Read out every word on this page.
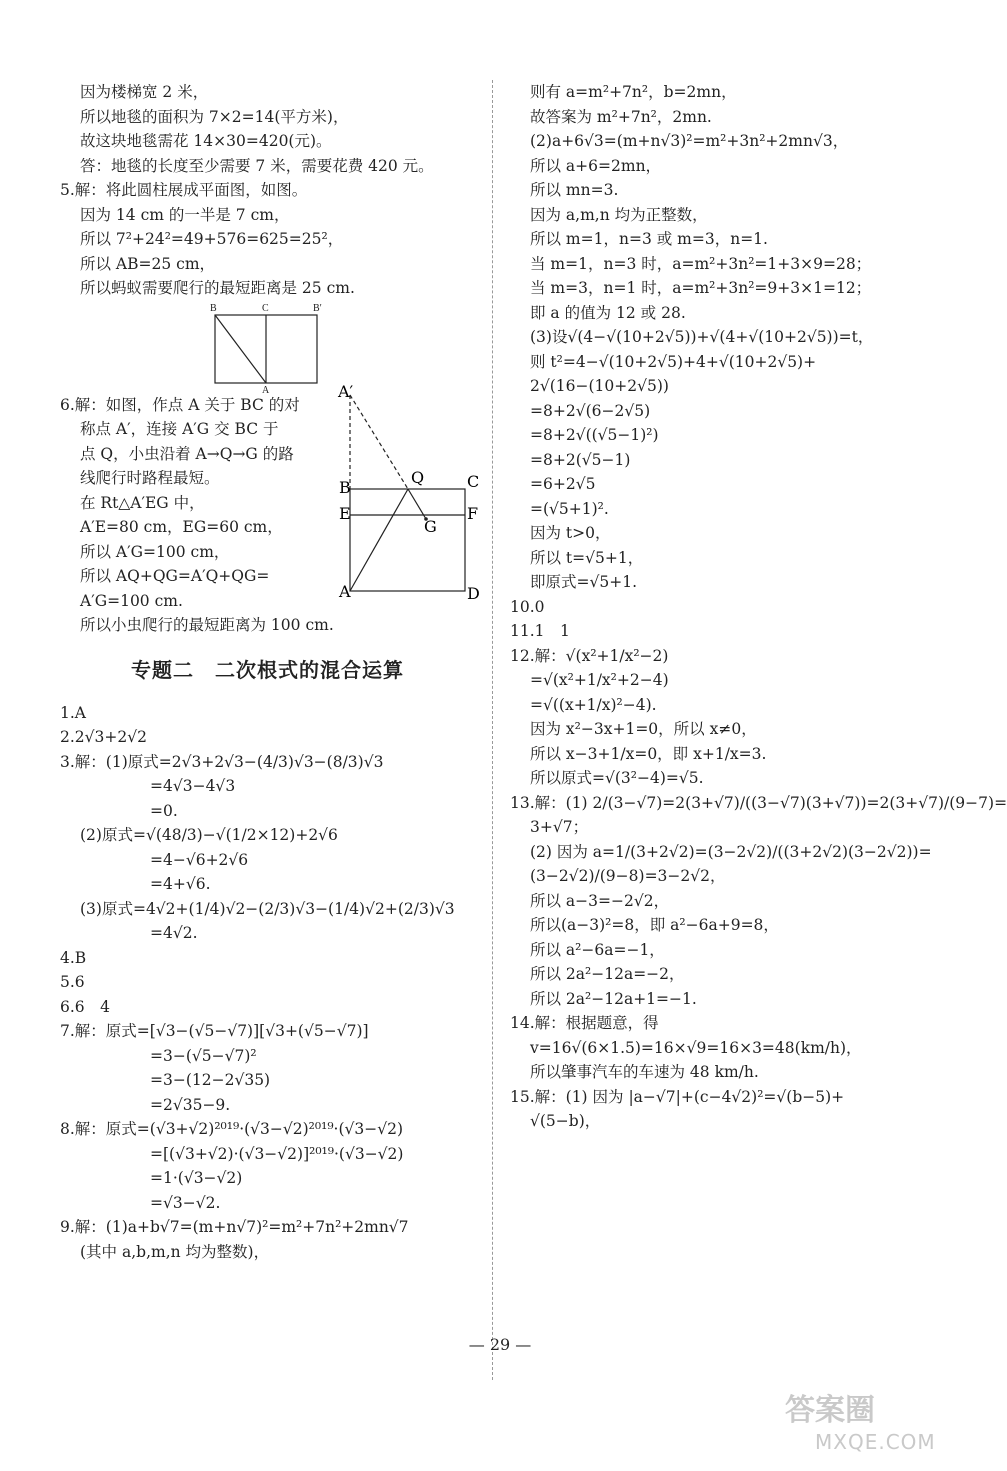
因为楼梯宽 2 米，
所以地毯的面积为 7×2=14(平方米)，
故这块地毯需花 14×30=420(元)。
答：地毯的长度至少需要 7 米，需要花费 420 元。
5.解：将此圆柱展成平面图，如图。
因为 14 cm 的一半是 7 cm，
所以 7²+24²=49+576=625=25²，
所以 AB=25 cm，
所以蚂蚁需要爬行的最短距离是 25 cm.
B	C	B′
A
6.解：如图，作点 A 关于 BC 的对
称点 A′，连接 A′G 交 BC 于
点 Q，小虫沿着 A→Q→G 的路
线爬行时路程最短。
在 Rt△A′EG 中，
A′E=80 cm，EG=60 cm，
所以 A′G=100 cm，
所以 AQ+QG=A′Q+QG=
A′G=100 cm.
所以小虫爬行的最短距离为 100 cm.
A′
B
Q	C
E	F
G
A	D
专题二　二次根式的混合运算
1.A
2.2√3+2√2
3.解：(1)原式=2√3+2√3−(4/3)√3−(8/3)√3
=4√3−4√3
=0.
(2)原式=√(48/3)−√(1/2×12)+2√6
=4−√6+2√6
=4+√6.
(3)原式=4√2+(1/4)√2−(2/3)√3−(1/4)√2+(2/3)√3
=4√2.
4.B
5.6
6.6　4
7.解：原式=[√3−(√5−√7)][√3+(√5−√7)]
=3−(√5−√7)²
=3−(12−2√35)
=2√35−9.
8.解：原式=(√3+√2)²⁰¹⁹·(√3−√2)²⁰¹⁹·(√3−√2)
=[(√3+√2)·(√3−√2)]²⁰¹⁹·(√3−√2)
=1·(√3−√2)
=√3−√2.
9.解：(1)a+b√7=(m+n√7)²=m²+7n²+2mn√7
(其中 a,b,m,n 均为整数)，
则有 a=m²+7n²，b=2mn，
故答案为 m²+7n²，2mn.
(2)a+6√3=(m+n√3)²=m²+3n²+2mn√3，
所以 a+6=2mn，
所以 mn=3.
因为 a,m,n 均为正整数，
所以 m=1，n=3 或 m=3，n=1.
当 m=1，n=3 时，a=m²+3n²=1+3×9=28；
当 m=3，n=1 时，a=m²+3n²=9+3×1=12；
即 a 的值为 12 或 28.
(3)设√(4−√(10+2√5))+√(4+√(10+2√5))=t，
则 t²=4−√(10+2√5)+4+√(10+2√5)+
2√(16−(10+2√5))
=8+2√(6−2√5)
=8+2√((√5−1)²)
=8+2(√5−1)
=6+2√5
=(√5+1)².
因为 t>0，
所以 t=√5+1，
即原式=√5+1.
10.0
11.1　1
12.解：√(x²+1/x²−2)
=√(x²+1/x²+2−4)
=√((x+1/x)²−4).
因为 x²−3x+1=0，所以 x≠0，
所以 x−3+1/x=0，即 x+1/x=3.
所以原式=√(3²−4)=√5.
13.解：(1) 2/(3−√7)=2(3+√7)/((3−√7)(3+√7))=2(3+√7)/(9−7)=
3+√7；
(2) 因为 a=1/(3+2√2)=(3−2√2)/((3+2√2)(3−2√2))=
(3−2√2)/(9−8)=3−2√2，
所以 a−3=−2√2，
所以(a−3)²=8，即 a²−6a+9=8，
所以 a²−6a=−1，
所以 2a²−12a=−2，
所以 2a²−12a+1=−1.
14.解：根据题意，得
v=16√(6×1.5)=16×√9=16×3=48(km/h)，
所以肇事汽车的车速为 48 km/h.
15.解：(1) 因为 |a−√7|+(c−4√2)²=√(b−5)+
√(5−b)，
— 29 —
答案圈
MXQE.COM
